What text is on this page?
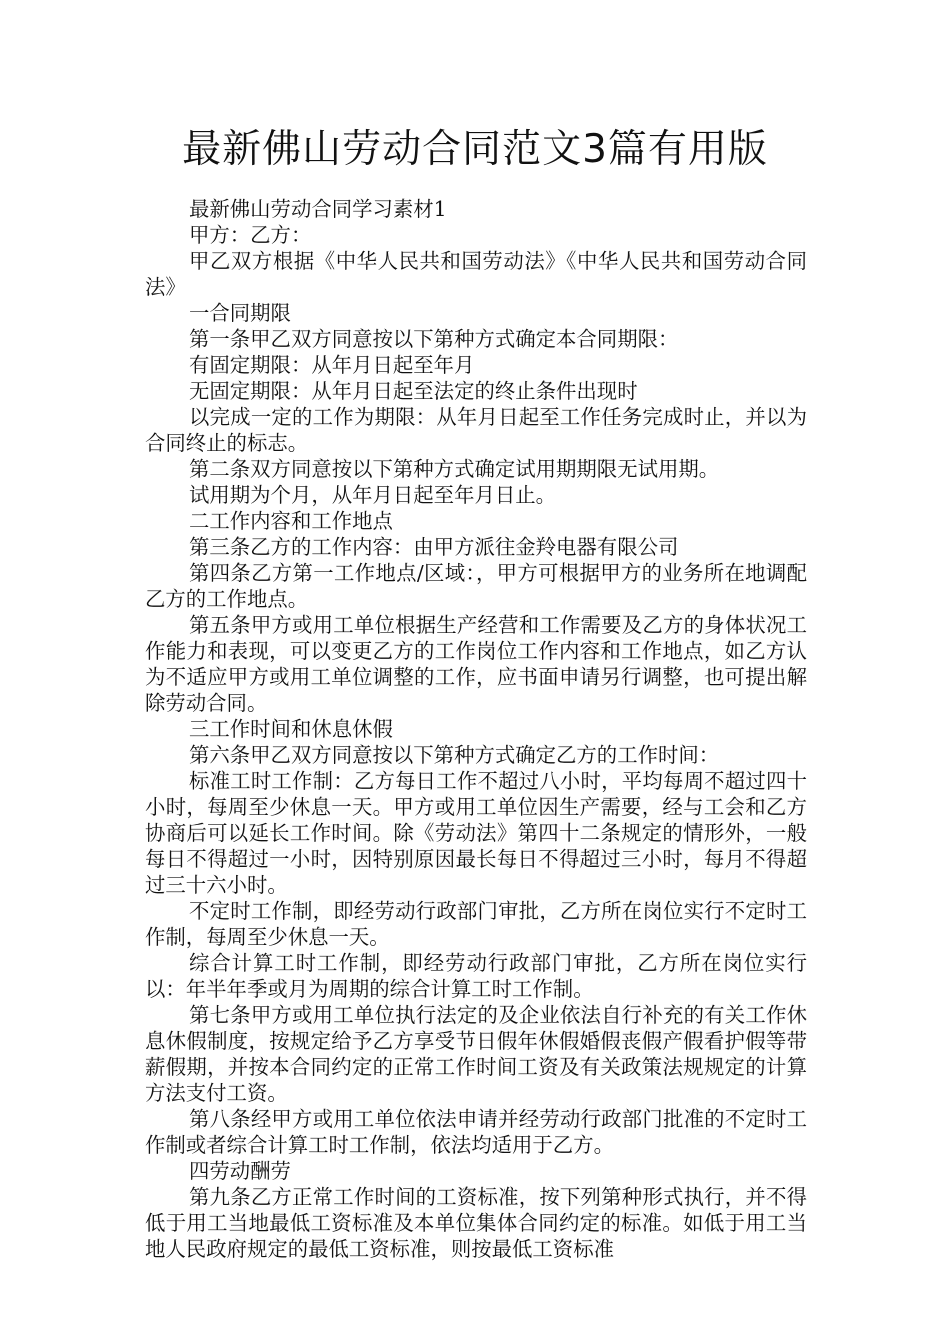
最新佛山劳动合同范文3篇有用版

最新佛山劳动合同学习素材1

甲方：乙方：

甲乙双方根据《中华人民共和国劳动法》《中华人民共和国劳动合同法》

一合同期限

第一条甲乙双方同意按以下第种方式确定本合同期限：

有固定期限：从年月日起至年月

无固定期限：从年月日起至法定的终止条件出现时

以完成一定的工作为期限：从年月日起至工作任务完成时止，并以为合同终止的标志。

第二条双方同意按以下第种方式确定试用期期限无试用期。

试用期为个月，从年月日起至年月日止。

二工作内容和工作地点

第三条乙方的工作内容：由甲方派往金羚电器有限公司

第四条乙方第一工作地点/区域：，甲方可根据甲方的业务所在地调配乙方的工作地点。

第五条甲方或用工单位根据生产经营和工作需要及乙方的身体状况工作能力和表现，可以变更乙方的工作岗位工作内容和工作地点，如乙方认为不适应甲方或用工单位调整的工作，应书面申请另行调整，也可提出解除劳动合同。

三工作时间和休息休假

第六条甲乙双方同意按以下第种方式确定乙方的工作时间：

标准工时工作制：乙方每日工作不超过八小时，平均每周不超过四十小时，每周至少休息一天。甲方或用工单位因生产需要，经与工会和乙方协商后可以延长工作时间。除《劳动法》第四十二条规定的情形外，一般每日不得超过一小时，因特别原因最长每日不得超过三小时，每月不得超过三十六小时。

不定时工作制，即经劳动行政部门审批，乙方所在岗位实行不定时工作制，每周至少休息一天。

综合计算工时工作制，即经劳动行政部门审批，乙方所在岗位实行以：年半年季或月为周期的综合计算工时工作制。

第七条甲方或用工单位执行法定的及企业依法自行补充的有关工作休息休假制度，按规定给予乙方享受节日假年休假婚假丧假产假看护假等带薪假期，并按本合同约定的正常工作时间工资及有关政策法规规定的计算方法支付工资。

第八条经甲方或用工单位依法申请并经劳动行政部门批准的不定时工作制或者综合计算工时工作制，依法均适用于乙方。

四劳动酬劳

第九条乙方正常工作时间的工资标准，按下列第种形式执行，并不得低于用工当地最低工资标准及本单位集体合同约定的标准。如低于用工当地人民政府规定的最低工资标准，则按最低工资标准
